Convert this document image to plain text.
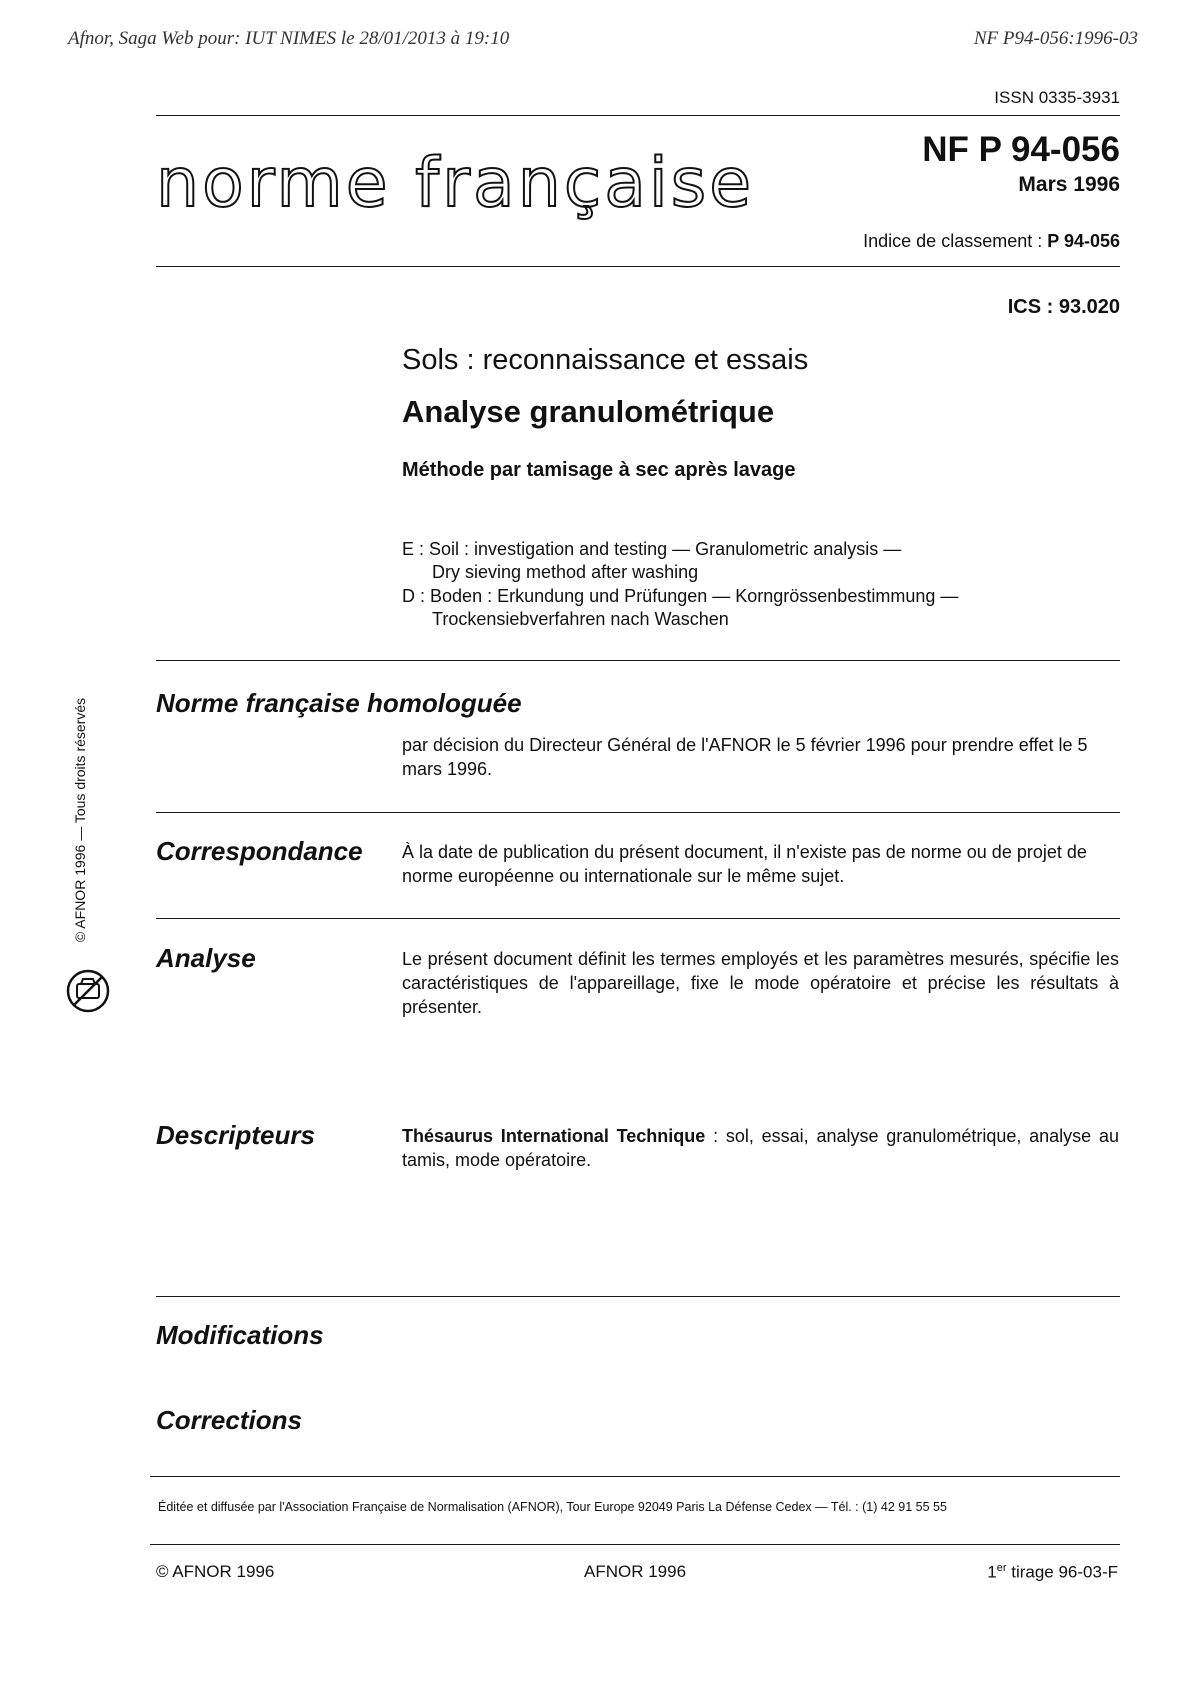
Afnor, Saga Web pour: IUT NIMES le 28/01/2013 à 19:10	NF P94-056:1996-03
ISSN 0335-3931
norme française	NF P 94-056
Mars 1996
Indice de classement : P 94-056
ICS : 93.020
Sols : reconnaissance et essais
Analyse granulométrique
Méthode par tamisage à sec après lavage
E : Soil : investigation and testing — Granulometric analysis —
Dry sieving method after washing
D : Boden : Erkundung und Prüfungen — Korngrössenbestimmung —
Trockensiebverfahren nach Waschen
Norme française homologuée
par décision du Directeur Général de l'AFNOR le 5 février 1996 pour prendre effet le 5 mars 1996.
Correspondance À la date de publication du présent document, il n'existe pas de norme ou de projet de norme européenne ou internationale sur le même sujet.
Analyse	Le présent document définit les termes employés et les paramètres mesurés, spécifie les caractéristiques de l'appareillage, fixe le mode opératoire et précise les résultats à présenter.
Descripteurs	Thésaurus International Technique : sol, essai, analyse granulométrique, analyse au tamis, mode opératoire.
Modifications
Corrections
Éditée et diffusée par l'Association Française de Normalisation (AFNOR), Tour Europe 92049 Paris La Défense Cedex — Tél. : (1) 42 91 55 55
© AFNOR 1996	AFNOR 1996	1er tirage 96-03-F
© AFNOR 1996 — Tous droits réservés
